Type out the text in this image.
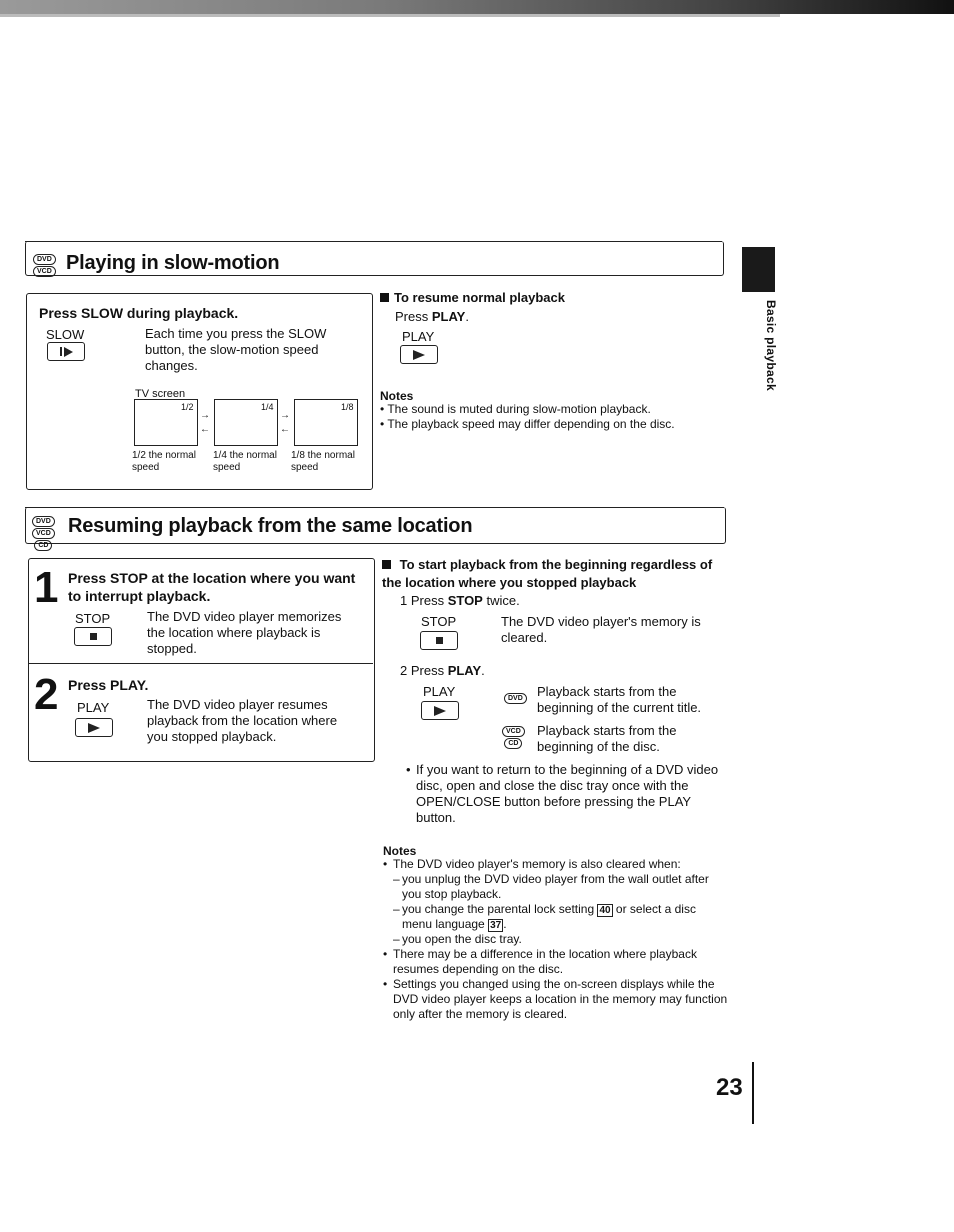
Basic playback
DVD
VCD Playing in slow-motion
Press SLOW during playback.
SLOW	Each time you press the SLOW button, the slow-motion speed changes.
TV screen
1/2
→
←
1/4
→
←
1/8
1/2 the normal speed
1/4 the normal speed
1/8 the normal speed
To resume normal playback
Press PLAY.
PLAY
Notes
• The sound is muted during slow-motion playback.
• The playback speed may differ depending on the disc.
DVD
VCD
CD
Resuming playback from the same location
1 Press STOP at the location where you want to interrupt playback.
STOP	The DVD video player memorizes the location where playback is stopped.
2 Press PLAY.
PLAY	The DVD video player resumes playback from the location where you stopped playback.
To start playback from the beginning regardless of the location where you stopped playback
1 Press STOP twice.
STOP	The DVD video player's memory is cleared.
2 Press PLAY.
PLAY	DVD	Playback starts from the beginning of the current title.
VCD
CD
Playback starts from the beginning of the disc.
• If you want to return to the beginning of a DVD video disc, open and close the disc tray once with the OPEN/CLOSE button before pressing the PLAY button.
Notes
• The DVD video player's memory is also cleared when:
– you unplug the DVD video player from the wall outlet after you stop playback.
– you change the parental lock setting 40 or select a disc menu language 37 .
– you open the disc tray.
• There may be a difference in the location where playback resumes depending on the disc.
• Settings you changed using the on-screen displays while the DVD video player keeps a location in the memory may function only after the memory is cleared.
23
